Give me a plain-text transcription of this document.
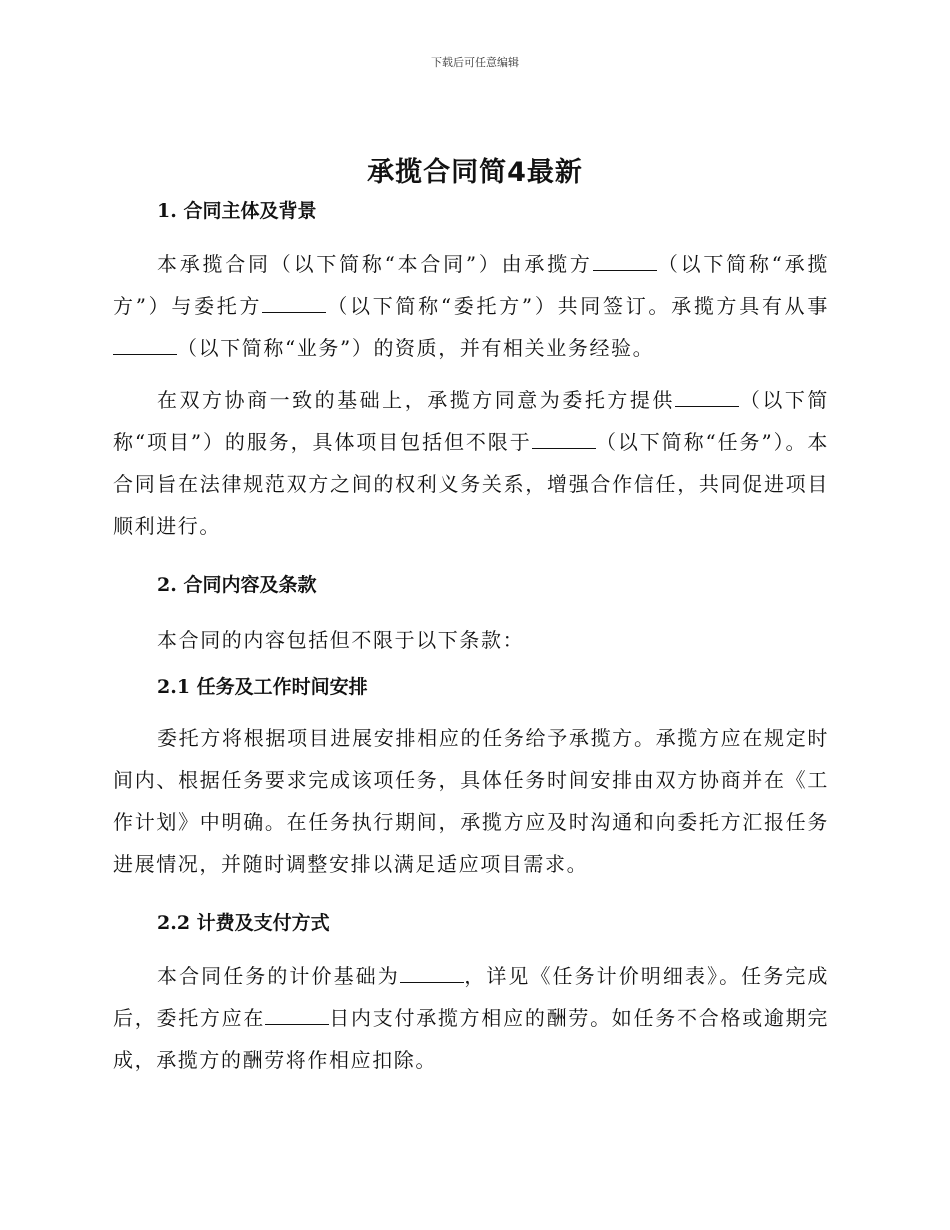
下载后可任意编辑
承揽合同简4最新
1. 合同主体及背景
本承揽合同（以下简称“本合同”）由承揽方	（以下简称“承揽方”）与委托方	（以下简称“委托方”）共同签订。承揽方具有从事（以下简称“业务”）的资质，并有相关业务经验。
在双方协商一致的基础上，承揽方同意为委托方提供	（以下简称“项目”）的服务，具体项目包括但不限于	（以下简称“任务”）。本合同旨在法律规范双方之间的权利义务关系，增强合作信任，共同促进项目顺利进行。
2. 合同内容及条款
本合同的内容包括但不限于以下条款：
2.1 任务及工作时间安排
委托方将根据项目进展安排相应的任务给予承揽方。承揽方应在规定时间内、根据任务要求完成该项任务，具体任务时间安排由双方协商并在《工作计划》中明确。在任务执行期间，承揽方应及时沟通和向委托方汇报任务进展情况，并随时调整安排以满足适应项目需求。
2.2 计费及支付方式
本合同任务的计价基础为	，详见《任务计价明细表》。任务完成后，委托方应在	日内支付承揽方相应的酬劳。如任务不合格或逾期完成，承揽方的酬劳将作相应扣除。
